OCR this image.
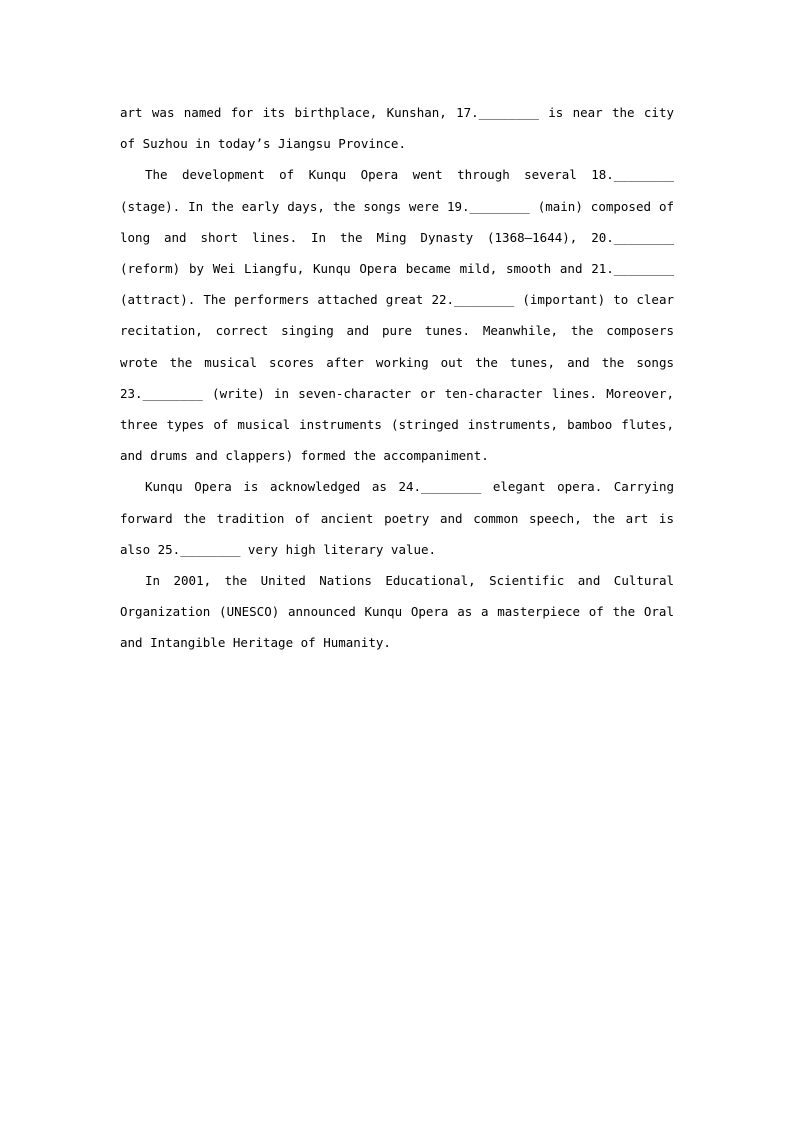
art was named for its birthplace, Kunshan, 17.________ is near the city of Suzhou in today’s Jiangsu Province.

The development of Kunqu Opera went through several 18.________ (stage). In the early days, the songs were 19.________ (main) composed of long and short lines. In the Ming Dynasty (1368—1644), 20.________ (reform) by Wei Liangfu, Kunqu Opera became mild, smooth and 21.________ (attract). The performers attached great 22.________ (important) to clear recitation, correct singing and pure tunes. Meanwhile, the composers wrote the musical scores after working out the tunes, and the songs 23.________ (write) in seven-character or ten-character lines. Moreover, three types of musical instruments (stringed instruments, bamboo flutes, and drums and clappers) formed the accompaniment.

Kunqu Opera is acknowledged as 24.________ elegant opera. Carrying forward the tradition of ancient poetry and common speech, the art is also 25.________ very high literary value.

In 2001, the United Nations Educational, Scientific and Cultural Organization (UNESCO) announced Kunqu Opera as a masterpiece of the Oral and Intangible Heritage of Humanity.
